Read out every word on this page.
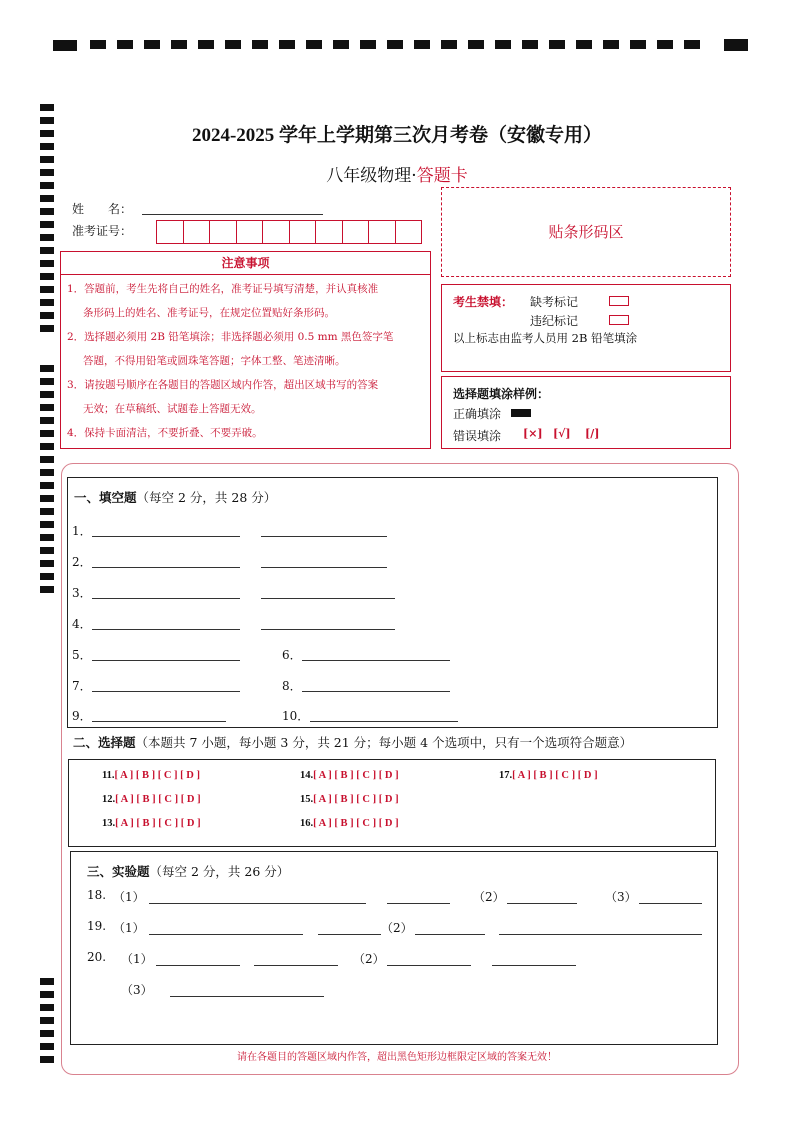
2024-2025 学年上学期第三次月考卷（安徽专用）
八年级物理·答题卡
姓　　名：
准考证号：	贴条形码区
注意事项
1．答题前，考生先将自己的姓名，准考证号填写清楚，并认真核准
条形码上的姓名、准考证号，在规定位置贴好条形码。
2．选择题必须用 2B 铅笔填涂；非选择题必须用 0.5 mm 黑色签字笔
答题，不得用铅笔或圆珠笔答题；字体工整、笔迹清晰。
3．请按题号顺序在各题目的答题区域内作答，超出区域书写的答案
无效；在草稿纸、试题卷上答题无效。
4．保持卡面清洁，不要折叠、不要弄破。
考生禁填： 缺考标记
违纪标记
以上标志由监考人员用 2B 铅笔填涂
选择题填涂样例：
正确填涂
错误填涂 [×] [√] [/]
一、填空题（每空 2 分，共 28 分）
1．
2．
3．
4．
5．	6．
7．	8．
9．	10．
二、选择题（本题共 7 小题，每小题 3 分，共 21 分；每小题 4 个选项中，只有一个选项符合题意）
11.[ A ] [ B ] [ C ] [ D ]
12.[ A ] [ B ] [ C ] [ D ]
13.[ A ] [ B ] [ C ] [ D ]
14.[ A ] [ B ] [ C ] [ D ]
15.[ A ] [ B ] [ C ] [ D ]
16.[ A ] [ B ] [ C ] [ D ]
17.[ A ] [ B ] [ C ] [ D ]
三、实验题（每空 2 分，共 26 分）
18. （1）	（2）	（3）
19. （1）	（2）
20. （1）	（2）
（3）
请在各题目的答题区域内作答，超出黑色矩形边框限定区域的答案无效！
